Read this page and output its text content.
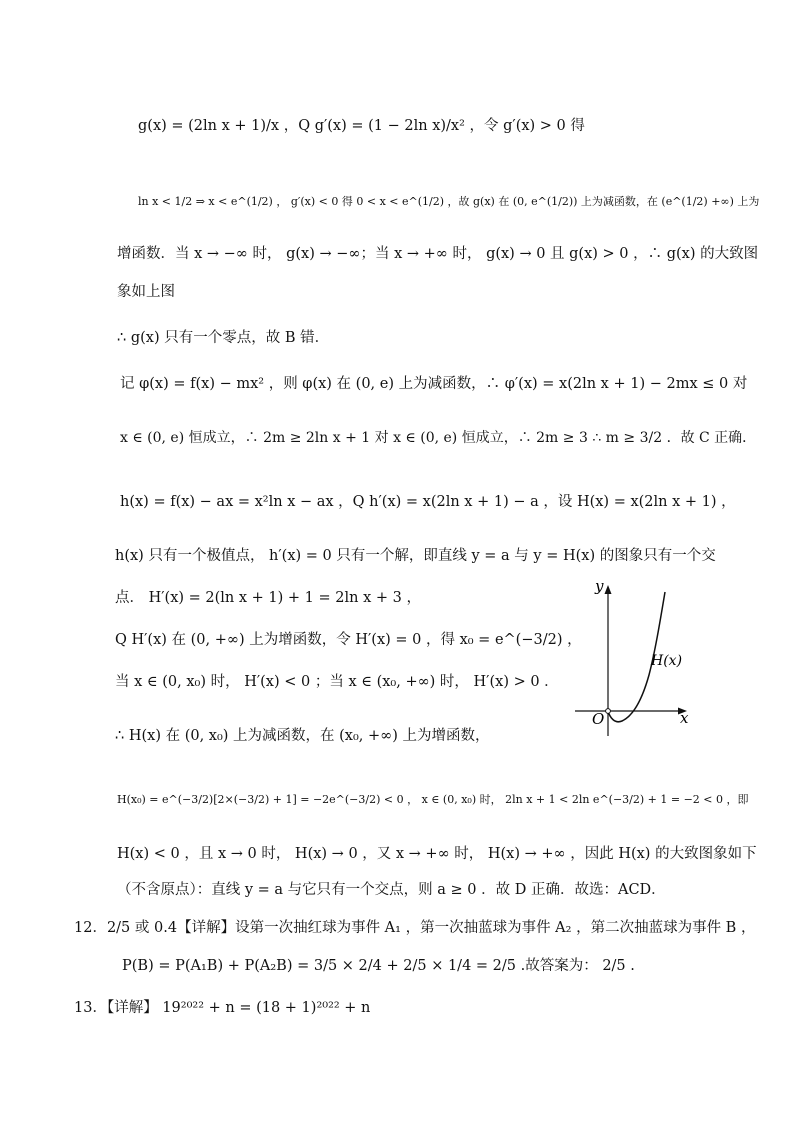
g(x) = (2ln x + 1)/x ，Q g′(x) = (1 − 2ln x)/x² ，令 g′(x) > 0 得
ln x < 1/2 ⇒ x < e^(1/2) ， g′(x) < 0 得 0 < x < e^(1/2) ，故 g(x) 在 (0, e^(1/2)) 上为减函数，在 (e^(1/2) +∞) 上为
增函数．当 x → −∞ 时， g(x) → −∞；当 x → +∞ 时， g(x) → 0 且 g(x) > 0 ，∴ g(x) 的大致图
象如上图
∴ g(x) 只有一个零点，故 B 错．
记 φ(x) = f(x) − mx² ，则 φ(x) 在 (0, e) 上为减函数，∴ φ′(x) = x(2ln x + 1) − 2mx ≤ 0 对
x ∈ (0, e) 恒成立，∴ 2m ≥ 2ln x + 1 对 x ∈ (0, e) 恒成立，∴ 2m ≥ 3 ∴ m ≥ 3/2 ．故 C 正确．
h(x) = f(x) − ax = x²ln x − ax ，Q h′(x) = x(2ln x + 1) − a ，设 H(x) = x(2ln x + 1) ，
h(x) 只有一个极值点， h′(x) = 0 只有一个解，即直线 y = a 与 y = H(x) 的图象只有一个交
点． H′(x) = 2(ln x + 1) + 1 = 2ln x + 3 ，
Q H′(x) 在 (0, +∞) 上为增函数，令 H′(x) = 0 ，得 x₀ = e^(−3/2) ，
当 x ∈ (0, x₀) 时， H′(x) < 0 ；当 x ∈ (x₀, +∞) 时， H′(x) > 0 ．
∴ H(x) 在 (0, x₀) 上为减函数，在 (x₀, +∞) 上为增函数，
H(x₀) = e^(−3/2)[2×(−3/2) + 1] = −2e^(−3/2) < 0 ， x ∈ (0, x₀) 时， 2ln x + 1 < 2ln e^(−3/2) + 1 = −2 < 0 ，即
H(x) < 0 ，且 x → 0 时， H(x) → 0 ，又 x → +∞ 时， H(x) → +∞ ，因此 H(x) 的大致图象如下
（不含原点）：直线 y = a 与它只有一个交点，则 a ≥ 0 ．故 D 正确．故选：ACD．
12．2/5 或 0.4【详解】设第一次抽红球为事件 A₁ ，第一次抽蓝球为事件 A₂ ，第二次抽蓝球为事件 B ，
P(B) = P(A₁B) + P(A₂B) = 3/5 × 2/4 + 2/5 × 1/4 = 2/5 .故答案为： 2/5 .
13．【详解】 19²⁰²² + n = (18 + 1)²⁰²² + n
y
x
O
H(x)
